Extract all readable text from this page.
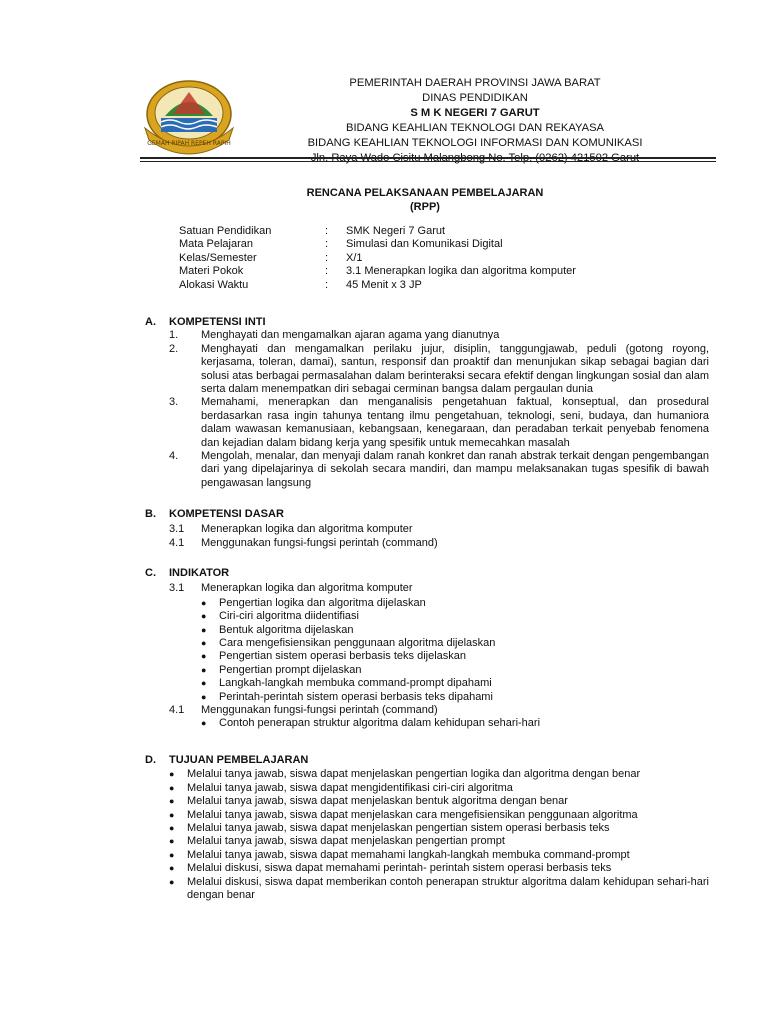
GEMAH RIPAH REPEH RAPIH
PEMERINTAH DAERAH PROVINSI JAWA BARAT
DINAS PENDIDIKAN
S M K NEGERI 7 GARUT
BIDANG KEAHLIAN TEKNOLOGI DAN REKAYASA
BIDANG KEAHLIAN TEKNOLOGI INFORMASI DAN KOMUNIKASI
Jln. Raya Wado Cisitu Malangbong No. Telp. (0262) 421502 Garut
RENCANA PELAKSANAAN PEMBELAJARAN
(RPP)
Satuan Pendidikan	:	SMK Negeri 7 Garut
Mata Pelajaran	:	Simulasi dan Komunikasi Digital
Kelas/Semester	:	X/1
Materi Pokok	:	3.1 Menerapkan logika dan algoritma komputer
Alokasi Waktu	:	45 Menit x 3 JP
A.	KOMPETENSI INTI
1.	Menghayati dan mengamalkan ajaran agama yang dianutnya
2.	Menghayati dan mengamalkan perilaku jujur, disiplin, tanggungjawab, peduli (gotong royong, kerjasama, toleran, damai), santun, responsif dan proaktif dan menunjukan sikap sebagai bagian dari solusi atas berbagai permasalahan dalam berinteraksi secara efektif dengan lingkungan sosial dan alam serta dalam menempatkan diri sebagai cerminan bangsa dalam pergaulan dunia
3.	Memahami, menerapkan dan menganalisis pengetahuan faktual, konseptual, dan prosedural berdasarkan rasa ingin tahunya tentang ilmu pengetahuan, teknologi, seni, budaya, dan humaniora dalam wawasan kemanusiaan, kebangsaan, kenegaraan, dan peradaban terkait penyebab fenomena dan kejadian dalam bidang kerja yang spesifik untuk memecahkan masalah
4.	Mengolah, menalar, dan menyaji dalam ranah konkret dan ranah abstrak terkait dengan pengembangan dari yang dipelajarinya di sekolah secara mandiri, dan mampu melaksanakan tugas spesifik di bawah pengawasan langsung
B.	KOMPETENSI DASAR
3.1	Menerapkan logika dan algoritma komputer
4.1	Menggunakan fungsi-fungsi perintah (command)
C.	INDIKATOR
3.1	Menerapkan logika dan algoritma komputer
●	Pengertian logika dan algoritma dijelaskan
●	Ciri-ciri algoritma diidentifiasi
●	Bentuk algoritma dijelaskan
●	Cara mengefisiensikan penggunaan algoritma dijelaskan
●	Pengertian sistem operasi berbasis teks dijelaskan
●	Pengertian prompt dijelaskan
●	Langkah-langkah membuka command-prompt dipahami
●	Perintah-perintah sistem operasi berbasis teks dipahami
4.1	Menggunakan fungsi-fungsi perintah (command)
●	Contoh penerapan struktur algoritma dalam kehidupan sehari-hari
D.	TUJUAN PEMBELAJARAN
●	Melalui tanya jawab, siswa dapat menjelaskan pengertian logika dan algoritma dengan benar
●	Melalui tanya jawab, siswa dapat mengidentifikasi ciri-ciri algoritma
●	Melalui tanya jawab, siswa dapat menjelaskan bentuk algoritma dengan benar
●	Melalui tanya jawab, siswa dapat menjelaskan cara mengefisiensikan penggunaan algoritma
●	Melalui tanya jawab, siswa dapat menjelaskan pengertian sistem operasi berbasis teks
●	Melalui tanya jawab, siswa dapat menjelaskan pengertian prompt
●	Melalui tanya jawab, siswa dapat memahami langkah-langkah membuka command-prompt
●	Melalui diskusi, siswa dapat memahami perintah- perintah sistem operasi berbasis teks
●	Melalui diskusi, siswa dapat memberikan contoh penerapan struktur algoritma dalam kehidupan sehari-hari dengan benar
